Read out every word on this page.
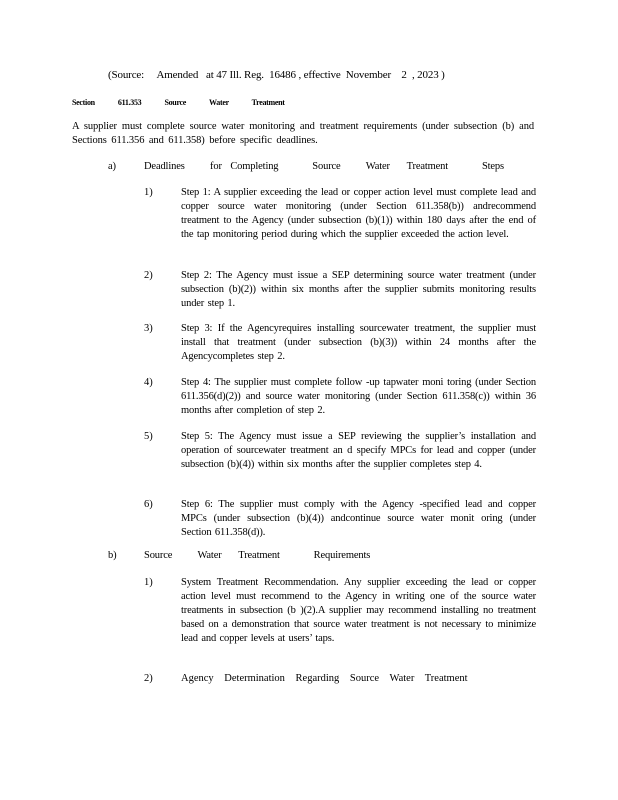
(Source:     Amended   at 47 Ill. Reg.  16486 , effective  November    2  , 2023 )
Section   611.353   Source   Water   Treatment
A supplier must complete source water monitoring and treatment requirements (under subsection (b) and Sections 611.356 and 611.358) before specific deadlines.
a)	Deadlines   for Completing    Source   Water  Treatment    Steps
1)	Step 1: A supplier exceeding the lead or copper action level must complete lead and copper source water monitoring (under Section 611.358(b)) andrecommend treatment to the Agency (under subsection (b)(1)) within 180 days after the end of the tap monitoring period during which the supplier exceeded the action level.
2)	Step 2: The Agency must issue a SEP determining source water treatment (under subsection (b)(2)) within six months after the supplier submits monitoring results under step 1.
3)	Step 3: If the Agencyrequires installing sourcewater treatment, the supplier must install that treatment (under subsection (b)(3)) within 24 months after the Agencycompletes step 2.
4)	Step 4: The supplier must complete follow -up tapwater moni toring (under Section 611.356(d)(2)) and source water monitoring (under Section 611.358(c)) within 36 months after completion of step 2.
5)	Step 5: The Agency must issue a SEP reviewing the supplier’s installation and operation of sourcewater treatment an d specify MPCs for lead and copper (under subsection (b)(4)) within six months after the supplier completes step 4.
6)	Step 6: The supplier must comply with the Agency -specified lead and copper MPCs (under subsection (b)(4)) andcontinue source water monit oring (under Section 611.358(d)).
b)	Source   Water  Treatment    Requirements
1)	System Treatment Recommendation. Any supplier exceeding the lead or copper action level must recommend to the Agency in writing one of the source water treatments in subsection (b )(2).A supplier may recommend installing no treatment based on a demonstration that source water treatment is not necessary to minimize lead and copper levels at users’ taps.
2)	Agency Determination Regarding Source Water Treatment
